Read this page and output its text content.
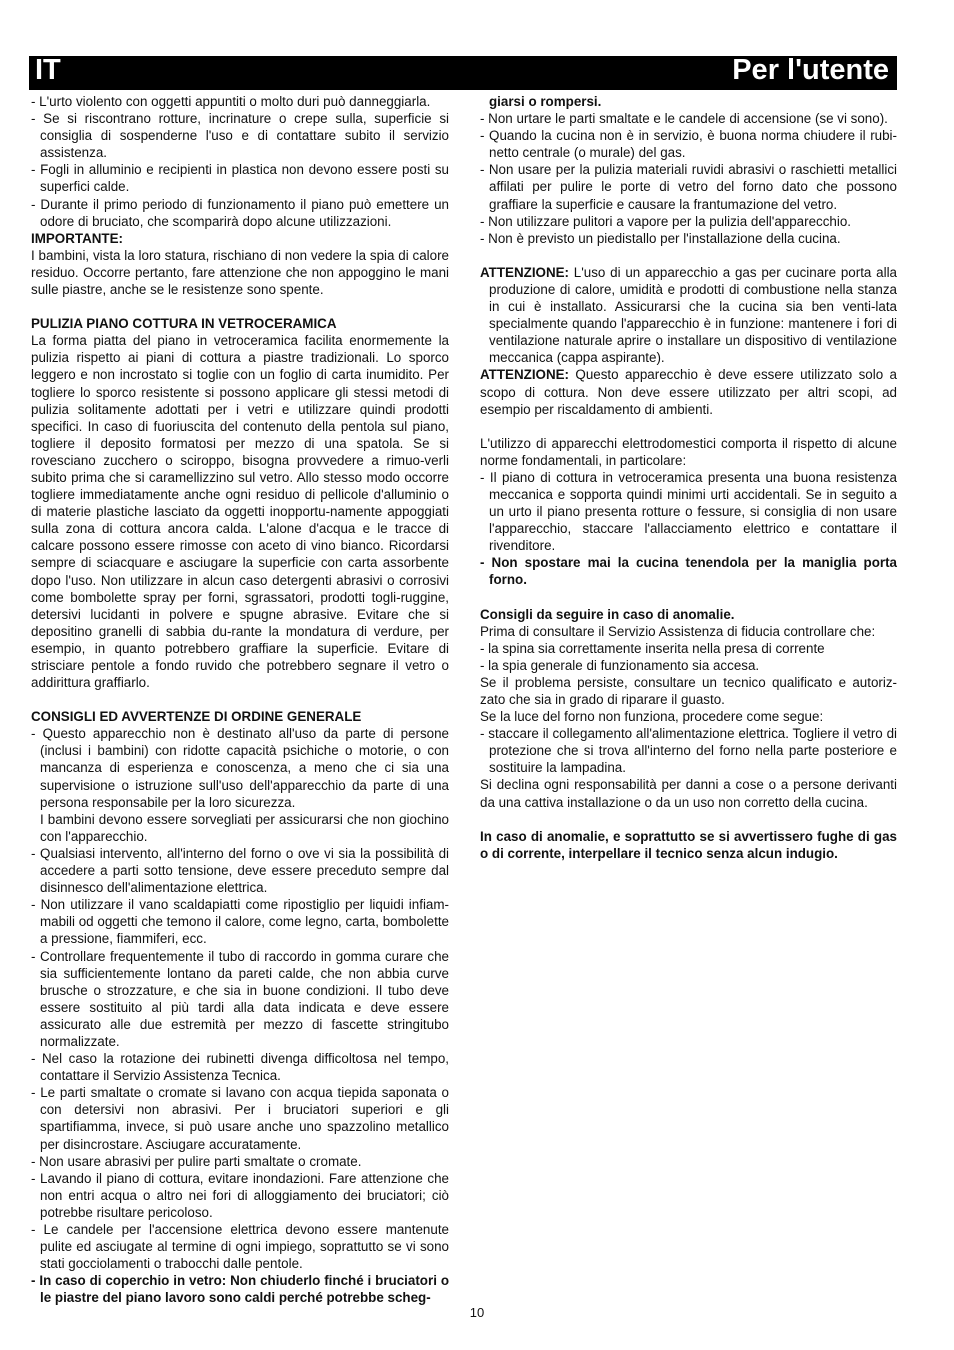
IT	Per l'utente

- L'urto violento con oggetti appuntiti o molto duri può danneggiarla.

- Se si riscontrano rotture, incrinature o crepe sulla, superficie si consiglia di sospenderne l'uso e di contattare subito il servizio assistenza.

- Fogli in alluminio e recipienti in plastica non devono essere posti su superfici calde.

- Durante il primo periodo di funzionamento il piano può emettere un odore di bruciato, che scomparirà dopo alcune utilizzazioni.

IMPORTANTE:

I bambini, vista la loro statura, rischiano di non vedere la spia di calore residuo. Occorre pertanto, fare attenzione che non appoggino le mani sulle piastre, anche se le resistenze sono spente.

PULIZIA PIANO COTTURA IN VETROCERAMICA

La forma piatta del piano in vetroceramica facilita enormemente la pulizia rispetto ai piani di cottura a piastre tradizionali. Lo sporco leggero e non incrostato si toglie con un foglio di carta inumidito. Per togliere lo sporco resistente si possono applicare gli stessi metodi di pulizia solitamente adottati per i vetri e utilizzare quindi prodotti specifici. In caso di fuoriuscita del contenuto della pentola sul piano, togliere il deposito formatosi per mezzo di una spatola. Se si rovesciano zucchero o sciroppo, bisogna provvedere a rimuo-verli subito prima che si caramellizzino sul vetro. Allo stesso modo occorre togliere immediatamente anche ogni residuo di pellicole d'alluminio o di materie plastiche lasciato da oggetti inopportu-namente appoggiati sulla zona di cottura ancora calda. L'alone d'acqua e le tracce di calcare possono essere rimosse con aceto di vino bianco. Ricordarsi sempre di sciacquare e asciugare la superficie con carta assorbente dopo l'uso. Non utilizzare in alcun caso detergenti abrasivi o corrosivi come bombolette spray per forni, sgrassatori, prodotti togli-ruggine, detersivi lucidanti in polvere e spugne abrasive. Evitare che si depositino granelli di sabbia du-rante la mondatura di verdure, per esempio, in quanto potrebbero graffiare la superficie. Evitare di strisciare pentole a fondo ruvido che potrebbero segnare il vetro o addirittura graffiarlo.

CONSIGLI ED AVVERTENZE DI ORDINE GENERALE

- Questo apparecchio non è destinato all'uso da parte di persone (inclusi i bambini) con ridotte capacità psichiche o motorie, o con mancanza di esperienza e conoscenza, a meno che ci sia una supervisione o istruzione sull'uso dell'apparecchio da parte di una persona responsabile per la loro sicurezza.

I bambini devono essere sorvegliati per assicurarsi che non giochino con l'apparecchio.

- Qualsiasi intervento, all'interno del forno o ove vi sia la possibilità di accedere a parti sotto tensione, deve essere preceduto sempre dal disinnesco dell'alimentazione elettrica.

- Non utilizzare il vano scaldapiatti come ripostiglio per liquidi infiam-mabili od oggetti che temono il calore, come legno, carta, bombolette a pressione, fiammiferi, ecc.

- Controllare frequentemente il tubo di raccordo in gomma curare che sia sufficientemente lontano da pareti calde, che non abbia curve brusche o strozzature, e che sia in buone condizioni. Il tubo deve essere sostituito al più tardi alla data indicata e deve essere assicurato alle due estremità per mezzo di fascette stringitubo normalizzate.

- Nel caso la rotazione dei rubinetti divenga difficoltosa nel tempo, contattare il Servizio Assistenza Tecnica.

- Le parti smaltate o cromate si lavano con acqua tiepida saponata o con detersivi non abrasivi. Per i bruciatori superiori e gli spartifiamma, invece, si può usare anche uno spazzolino metallico per disincrostare. Asciugare accuratamente.

- Non usare abrasivi per pulire parti smaltate o cromate.

- Lavando il piano di cottura, evitare inondazioni. Fare attenzione che non entri acqua o altro nei fori di alloggiamento dei bruciatori; ciò potrebbe risultare pericoloso.

- Le candele per l'accensione elettrica devono essere mantenute pulite ed asciugate al termine di ogni impiego, soprattutto se vi sono stati gocciolamenti o trabocchi dalle pentole.

- In caso di coperchio in vetro: Non chiuderlo finché i bruciatori o le piastre del piano lavoro sono caldi perché potrebbe scheg-

giarsi o rompersi.

- Non urtare le parti smaltate e le candele di accensione (se vi sono).

- Quando la cucina non è in servizio, è buona norma chiudere il rubi-netto centrale (o murale) del gas.

- Non usare per la pulizia materiali ruvidi abrasivi o raschietti metallici affilati per pulire le porte di vetro del forno dato che possono graffiare la superficie e causare la frantumazione del vetro.

- Non utilizzare pulitori a vapore per la pulizia dell'apparecchio.

- Non è previsto un piedistallo per l'installazione della cucina.

ATTENZIONE: L'uso di un apparecchio a gas per cucinare porta alla produzione di calore, umidità e prodotti di combustione nella stanza in cui è installato. Assicurarsi che la cucina sia ben venti-lata specialmente quando l'apparecchio è in funzione: mantenere i fori di ventilazione naturale aprire o installare un dispositivo di ventilazione meccanica (cappa aspirante).

ATTENZIONE: Questo apparecchio è deve essere utilizzato solo a scopo di cottura. Non deve essere utilizzato per altri scopi, ad esempio per riscaldamento di ambienti.

L'utilizzo di apparecchi elettrodomestici comporta il rispetto di alcune norme fondamentali, in particolare:

- Il piano di cottura in vetroceramica presenta una buona resistenza meccanica e sopporta quindi minimi urti accidentali. Se in seguito a un urto il piano presenta rotture o fessure, si consiglia di non usare l'apparecchio, staccare l'allacciamento elettrico e contattare il rivenditore.

- Non spostare mai la cucina tenendola per la maniglia porta forno.

Consigli da seguire in caso di anomalie.

Prima di consultare il Servizio Assistenza di fiducia controllare che:

- la spina sia correttamente inserita nella presa di corrente

- la spia generale di funzionamento sia accesa.

Se il problema persiste, consultare un tecnico qualificato e autoriz-zato che sia in grado di riparare il guasto.

Se la luce del forno non funziona, procedere come segue:

- staccare il collegamento all'alimentazione elettrica. Togliere il vetro di protezione che si trova all'interno del forno nella parte posteriore e sostituire la lampadina.

Si declina ogni responsabilità per danni a cose o a persone derivanti da una cattiva installazione o da un uso non corretto della cucina.

In caso di anomalie, e soprattutto se si avvertissero fughe di gas o di corrente, interpellare il tecnico senza alcun indugio.

10
